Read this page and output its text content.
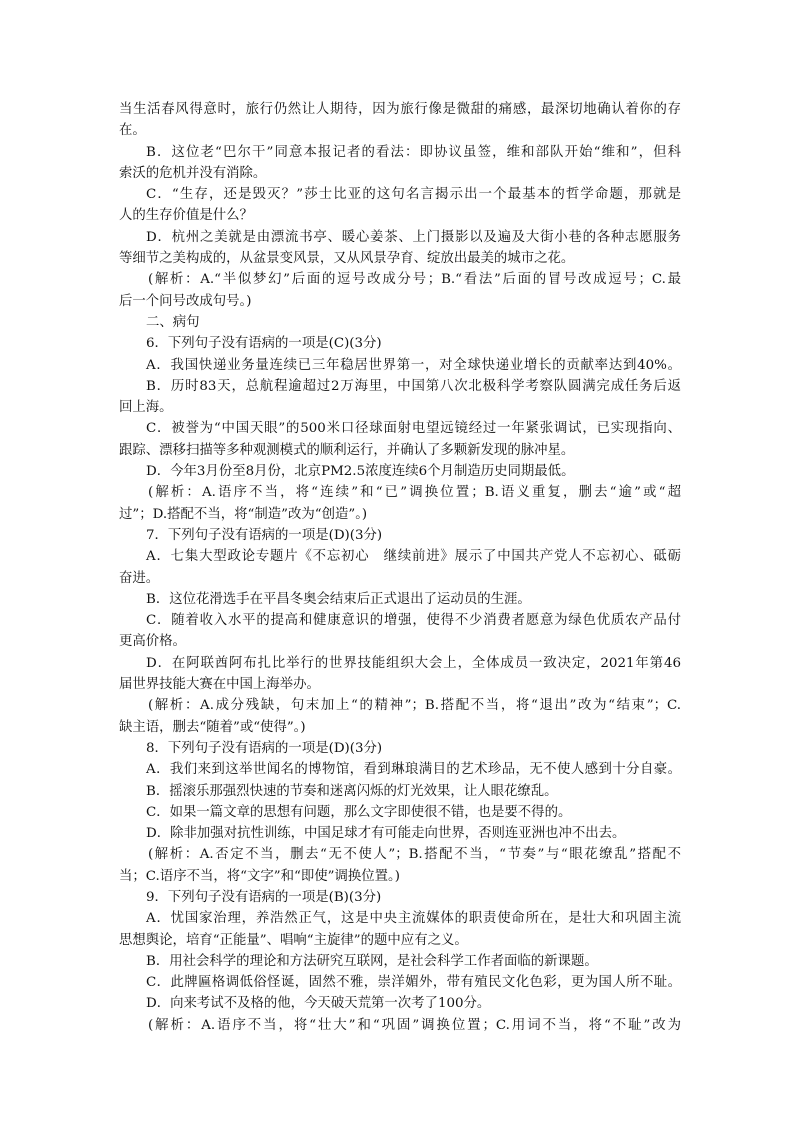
当生活春风得意时，旅行仍然让人期待，因为旅行像是微甜的痛感，最深切地确认着你的存
在。
B．这位老“巴尔干”同意本报记者的看法：即协议虽签，维和部队开始“维和”，但科
索沃的危机并没有消除。
C．“生存，还是毁灭？”莎士比亚的这句名言揭示出一个最基本的哲学命题，那就是
人的生存价值是什么？
D．杭州之美就是由漂流书亭、暖心姜茶、上门摄影以及遍及大街小巷的各种志愿服务
等细节之美构成的，从盆景变风景，又从风景孕育、绽放出最美的城市之花。
(解析：A.“半似梦幻”后面的逗号改成分号；B.“看法”后面的冒号改成逗号；C.最
后一个问号改成句号。)
二、病句
6．下列句子没有语病的一项是(C)(3分)
A．我国快递业务量连续已三年稳居世界第一，对全球快递业增长的贡献率达到40%。
B．历时83天，总航程逾超过2万海里，中国第八次北极科学考察队圆满完成任务后返
回上海。
C．被誉为“中国天眼”的500米口径球面射电望远镜经过一年紧张调试，已实现指向、
跟踪、漂移扫描等多种观测模式的顺利运行，并确认了多颗新发现的脉冲星。
D．今年3月份至8月份，北京PM2.5浓度连续6个月制造历史同期最低。
(解析：A.语序不当，将“连续”和“已”调换位置；B.语义重复，删去“逾”或“超
过”；D.搭配不当，将“制造”改为“创造”。)
7．下列句子没有语病的一项是(D)(3分)
A．七集大型政论专题片《不忘初心　继续前进》展示了中国共产党人不忘初心、砥砺
奋进。
B．这位花滑选手在平昌冬奥会结束后正式退出了运动员的生涯。
C．随着收入水平的提高和健康意识的增强，使得不少消费者愿意为绿色优质农产品付
更高价格。
D．在阿联酋阿布扎比举行的世界技能组织大会上，全体成员一致决定，2021年第46
届世界技能大赛在中国上海举办。
(解析：A.成分残缺，句末加上“的精神”；B.搭配不当，将“退出”改为“结束”；C.
缺主语，删去“随着”或“使得”。)
8．下列句子没有语病的一项是(D)(3分)
A．我们来到这举世闻名的博物馆，看到琳琅满目的艺术珍品，无不使人感到十分自豪。
B．摇滚乐那强烈快速的节奏和迷离闪烁的灯光效果，让人眼花缭乱。
C．如果一篇文章的思想有问题，那么文字即使很不错，也是要不得的。
D．除非加强对抗性训练，中国足球才有可能走向世界，否则连亚洲也冲不出去。
(解析：A.否定不当，删去“无不使人”；B.搭配不当，“节奏”与“眼花缭乱”搭配不
当；C.语序不当，将“文字”和“即使”调换位置。)
9．下列句子没有语病的一项是(B)(3分)
A．忧国家治理，养浩然正气，这是中央主流媒体的职责使命所在，是壮大和巩固主流
思想舆论，培育“正能量”、唱响“主旋律”的题中应有之义。
B．用社会科学的理论和方法研究互联网，是社会科学工作者面临的新课题。
C．此牌匾格调低俗怪诞，固然不雅，崇洋媚外，带有殖民文化色彩，更为国人所不耻。
D．向来考试不及格的他，今天破天荒第一次考了100分。
(解析：A.语序不当，将“壮大”和“巩固”调换位置；C.用词不当，将“不耻”改为
